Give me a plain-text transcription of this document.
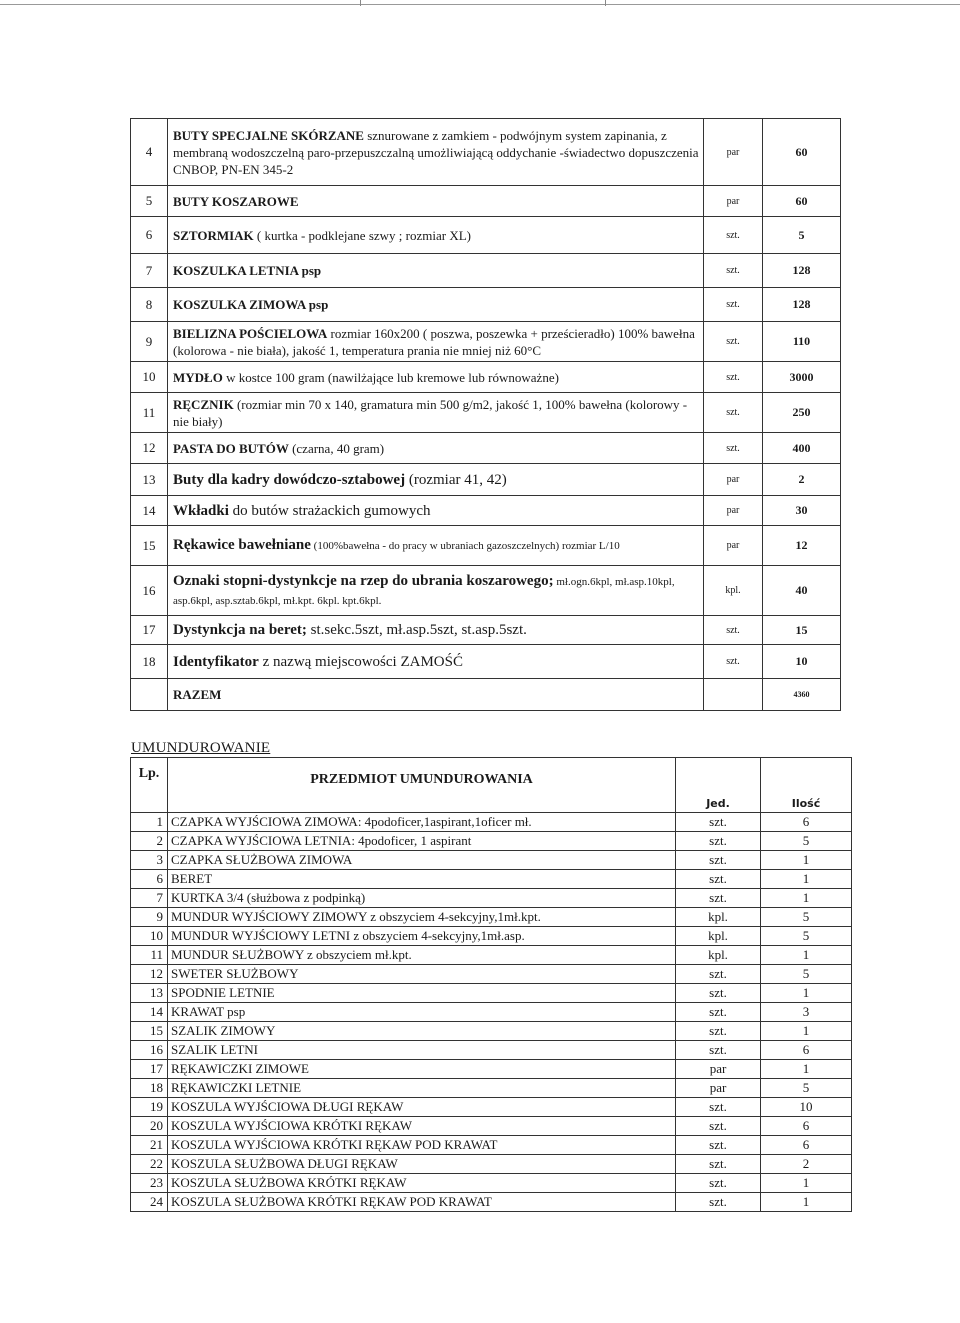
4	BUTY SPECJALNE SKÓRZANE sznurowane z zamkiem - podwójnym system zapinania, z membraną wodoszczelną paro-przepuszczalną umożliwiającą oddychanie -świadectwo dopuszczenia CNBOP, PN-EN 345-2	par	60
5	BUTY KOSZAROWE	par	60
6	SZTORMIAK ( kurtka - podklejane szwy ; rozmiar XL)	szt.	5
7	KOSZULKA LETNIA psp	szt.	128
8	KOSZULKA ZIMOWA psp	szt.	128
9	BIELIZNA POŚCIELOWA rozmiar 160x200 ( poszwa, poszewka + prześcieradło) 100% bawełna (kolorowa - nie biała), jakość 1, temperatura prania nie mniej niż 60°C	szt.	110
10	MYDŁO w kostce 100 gram (nawilżające lub kremowe lub równoważne)	szt.	3000
11	RĘCZNIK (rozmiar min 70 x 140, gramatura min 500 g/m2, jakość 1, 100% bawełna (kolorowy - nie biały)	szt.	250
12	PASTA DO BUTÓW (czarna, 40 gram)	szt.	400
13	Buty dla kadry dowódczo-sztabowej (rozmiar 41, 42)	par	2
14	Wkładki do butów strażackich gumowych	par	30
15	Rękawice bawełniane (100%bawełna - do pracy w ubraniach gazoszczelnych) rozmiar L/10	par	12
16	Oznaki stopni-dystynkcje na rzep do ubrania koszarowego; mł.ogn.6kpl, mł.asp.10kpl, asp.6kpl, asp.sztab.6kpl, mł.kpt. 6kpl. kpt.6kpl.	kpl.	40
17	Dystynkcja na beret; st.sekc.5szt, mł.asp.5szt, st.asp.5szt.	szt.	15
18	Identyfikator z nazwą miejscowości ZAMOŚĆ	szt.	10
	RAZEM		4360
UMUNDUROWANIE
Lp.	PRZEDMIOT UMUNDUROWANIA	Jed.	Ilość
1	CZAPKA WYJŚCIOWA ZIMOWA: 4podoficer,1aspirant,1oficer mł.	szt.	6
2	CZAPKA WYJŚCIOWA LETNIA: 4podoficer, 1 aspirant	szt.	5
3	CZAPKA SŁUŻBOWA ZIMOWA	szt.	1
6	BERET	szt.	1
7	KURTKA 3/4 (służbowa z podpinką)	szt.	1
9	MUNDUR WYJŚCIOWY ZIMOWY z obszyciem 4-sekcyjny,1mł.kpt.	kpl.	5
10	MUNDUR WYJŚCIOWY LETNI z obszyciem 4-sekcyjny,1mł.asp.	kpl.	5
11	MUNDUR SŁUŻBOWY z obszyciem mł.kpt.	kpl.	1
12	SWETER SŁUŻBOWY	szt.	5
13	SPODNIE LETNIE	szt.	1
14	KRAWAT psp	szt.	3
15	SZALIK ZIMOWY	szt.	1
16	SZALIK LETNI	szt.	6
17	RĘKAWICZKI ZIMOWE	par	1
18	RĘKAWICZKI LETNIE	par	5
19	KOSZULA WYJŚCIOWA DŁUGI RĘKAW	szt.	10
20	KOSZULA WYJŚCIOWA KRÓTKI RĘKAW	szt.	6
21	KOSZULA WYJŚCIOWA KRÓTKI RĘKAW POD KRAWAT	szt.	6
22	KOSZULA SŁUŻBOWA DŁUGI RĘKAW	szt.	2
23	KOSZULA SŁUŻBOWA KRÓTKI RĘKAW	szt.	1
24	KOSZULA SŁUŻBOWA KRÓTKI RĘKAW POD KRAWAT	szt.	1
